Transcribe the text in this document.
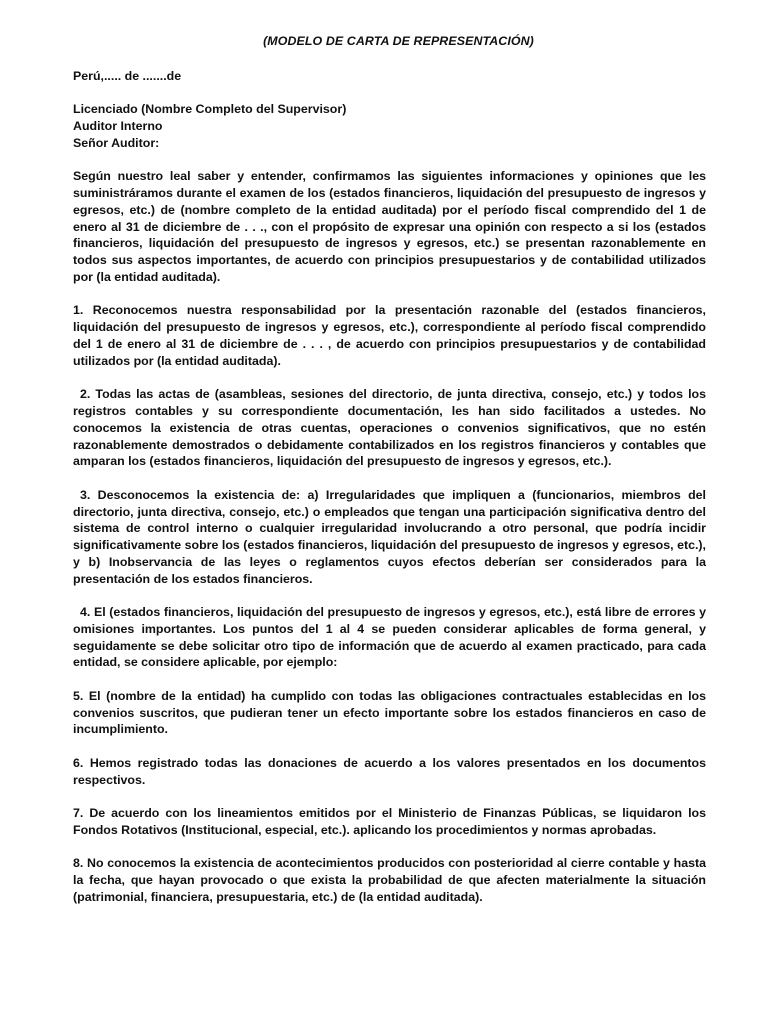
(MODELO DE CARTA DE REPRESENTACIÓN)

Perú,..... de .......de

Licenciado (Nombre Completo del Supervisor)

Auditor Interno

Señor Auditor:

Según nuestro leal saber y entender, confirmamos las siguientes informaciones y opiniones que les suministráramos durante el examen de los (estados financieros, liquidación del presupuesto de ingresos y egresos, etc.) de (nombre completo de la entidad auditada) por el período fiscal comprendido del 1 de enero al 31 de diciembre de . . ., con el propósito de expresar una opinión con respecto a si los (estados financieros, liquidación del presupuesto de ingresos y egresos, etc.) se presentan razonablemente en todos sus aspectos importantes, de acuerdo con principios presupuestarios y de contabilidad utilizados por (la entidad auditada).

1. Reconocemos nuestra responsabilidad por la presentación razonable del (estados financieros, liquidación del presupuesto de ingresos y egresos, etc.), correspondiente al período fiscal comprendido del 1 de enero al 31 de diciembre de . . . , de acuerdo con principios presupuestarios y de contabilidad utilizados por (la entidad auditada).

2. Todas las actas de (asambleas, sesiones del directorio, de junta directiva, consejo, etc.) y todos los registros contables y su correspondiente documentación, les han sido facilitados a ustedes. No conocemos la existencia de otras cuentas, operaciones o convenios significativos, que no estén razonablemente demostrados o debidamente contabilizados en los registros financieros y contables que amparan los (estados financieros, liquidación del presupuesto de ingresos y egresos, etc.).

3. Desconocemos la existencia de: a) Irregularidades que impliquen a (funcionarios, miembros del directorio, junta directiva, consejo, etc.) o empleados que tengan una participación significativa dentro del sistema de control interno o cualquier irregularidad involucrando a otro personal, que podría incidir significativamente sobre los (estados financieros, liquidación del presupuesto de ingresos y egresos, etc.), y b) Inobservancia de las leyes o reglamentos cuyos efectos deberían ser considerados para la presentación de los estados financieros.

4. El (estados financieros, liquidación del presupuesto de ingresos y egresos, etc.), está libre de errores y omisiones importantes. Los puntos del 1 al 4 se pueden considerar aplicables de forma general, y seguidamente se debe solicitar otro tipo de información que de acuerdo al examen practicado, para cada entidad, se considere aplicable, por ejemplo:

5. El (nombre de la entidad) ha cumplido con todas las obligaciones contractuales establecidas en los convenios suscritos, que pudieran tener un efecto importante sobre los estados financieros en caso de incumplimiento.

6. Hemos registrado todas las donaciones de acuerdo a los valores presentados en los documentos respectivos.

7. De acuerdo con los lineamientos emitidos por el Ministerio de Finanzas Públicas, se liquidaron los Fondos Rotativos (Institucional, especial, etc.). aplicando los procedimientos y normas aprobadas.

8. No conocemos la existencia de acontecimientos producidos con posterioridad al cierre contable y hasta la fecha, que hayan provocado o que exista la probabilidad de que afecten materialmente la situación (patrimonial, financiera, presupuestaria, etc.) de (la entidad auditada).
